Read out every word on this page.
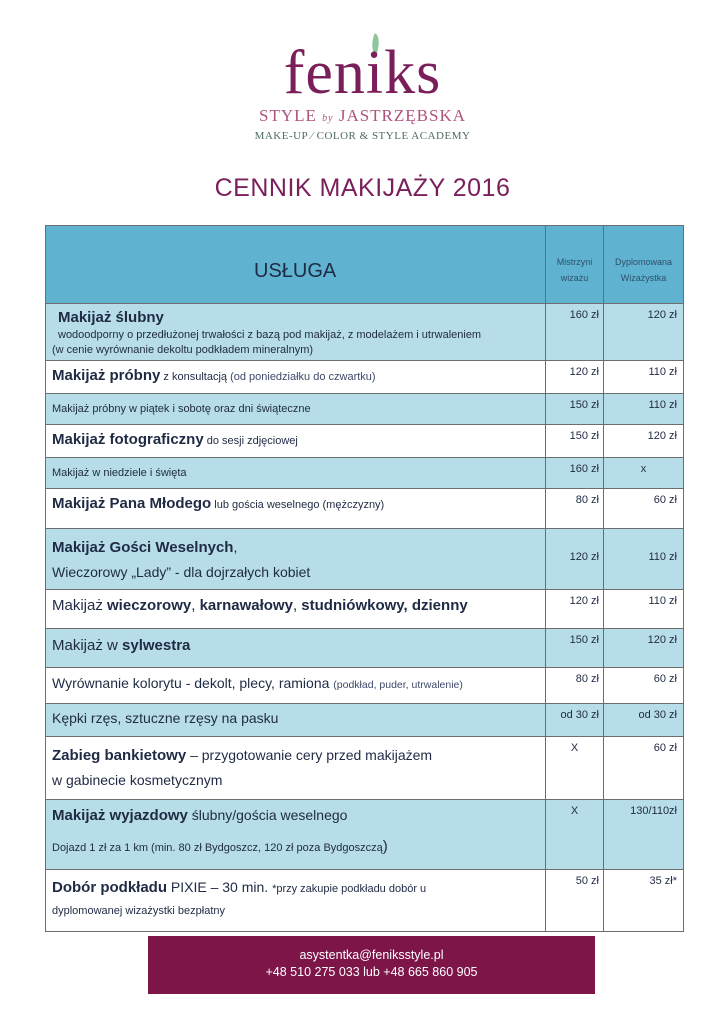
feniks
STYLE by JASTRZĘBSKA
MAKE-UP ⁄ COLOR & STYLE ACADEMY
CENNIK MAKIJAŻY 2016
USŁUGA	Mistrzyni wizażu	Dyplomowana Wizażystka

Makijaż ślubny
wodoodporny o przedłużonej trwałości z bazą pod makijaż, z modelażem i utrwaleniem
(w cenie wyrównanie dekoltu podkładem mineralnym)	160 zł	120 zł
Makijaż próbny z konsultacją (od poniedziałku do czwartku)	120 zł	110 zł
Makijaż próbny w piątek i sobotę oraz dni świąteczne	150 zł	110 zł
Makijaż fotograficzny do sesji zdjęciowej	150 zł	120 zł
Makijaż w niedziele i święta	160 zł	x
Makijaż Pana Młodego lub gościa weselnego (mężczyzny)	80 zł	60 zł

Makijaż Gości Weselnych,
Wieczorowy „Lady” - dla dojrzałych kobiet	120 zł	110 zł
Makijaż wieczorowy, karnawałowy, studniówkowy, dzienny	120 zł	110 zł
Makijaż w sylwestra	150 zł	120 zł
Wyrównanie kolorytu - dekolt, plecy, ramiona (podkład, puder, utrwalenie)	80 zł	60 zł
Kępki rzęs, sztuczne rzęsy na pasku	od 30 zł	od 30 zł

Zabieg bankietowy – przygotowanie cery przed makijażem
w gabinecie kosmetycznym	X	60 zł

Makijaż wyjazdowy ślubny/gościa weselnego
Dojazd 1 zł za 1 km (min. 80 zł Bydgoszcz, 120 zł poza Bydgoszczą)	X	130/110zł

Dobór podkładu PIXIE – 30 min. *przy zakupie podkładu dobór u
dyplomowanej wizażystki bezpłatny	50 zł	35 zł*
asystentka@feniksstyle.pl
+48 510 275 033 lub +48 665 860 905
